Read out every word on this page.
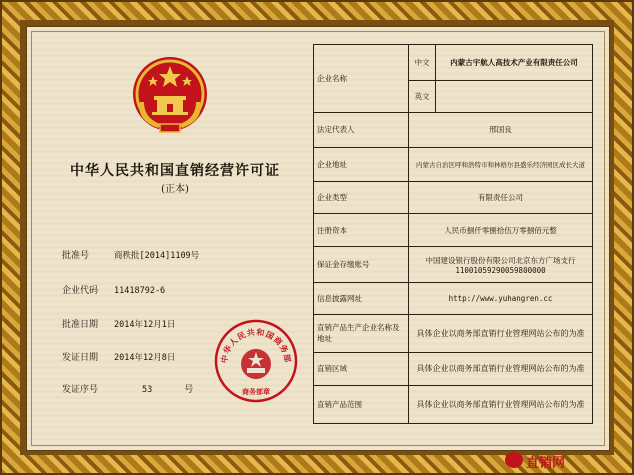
中华人民共和国直销经营许可证
(正本)
批准号	商秩批[2014]1109号
企业代码 11418792-6
批准日期 2014年12月1日
发证日期 2014年12月8日
发证序号	53	号
中华人民共和国商务部
商务部章
企业名称	中文	内蒙古宇航人高技术产业有限责任公司
	英文	
法定代表人	邢国良	
企业地址	内蒙古自治区呼和浩特市和林格尔县盛乐经济园区成长大道	
企业类型	有限责任公司	
注册资本	人民币捌仟零捌拾伍万零捌佰元整	
保证金存缴账号	中国建设银行股份有限公司北京东方广场支行
11001059290059800000	

信息披露网址	http://www.yuhangren.cc	
直销产品生产企业名称及地址	具体企业以商务部直销行业管理网站公布的为准	
直销区域	具体企业以商务部直销行业管理网站公布的为准	
直销产品范围	具体企业以商务部直销行业管理网站公布的为准	
直销网
